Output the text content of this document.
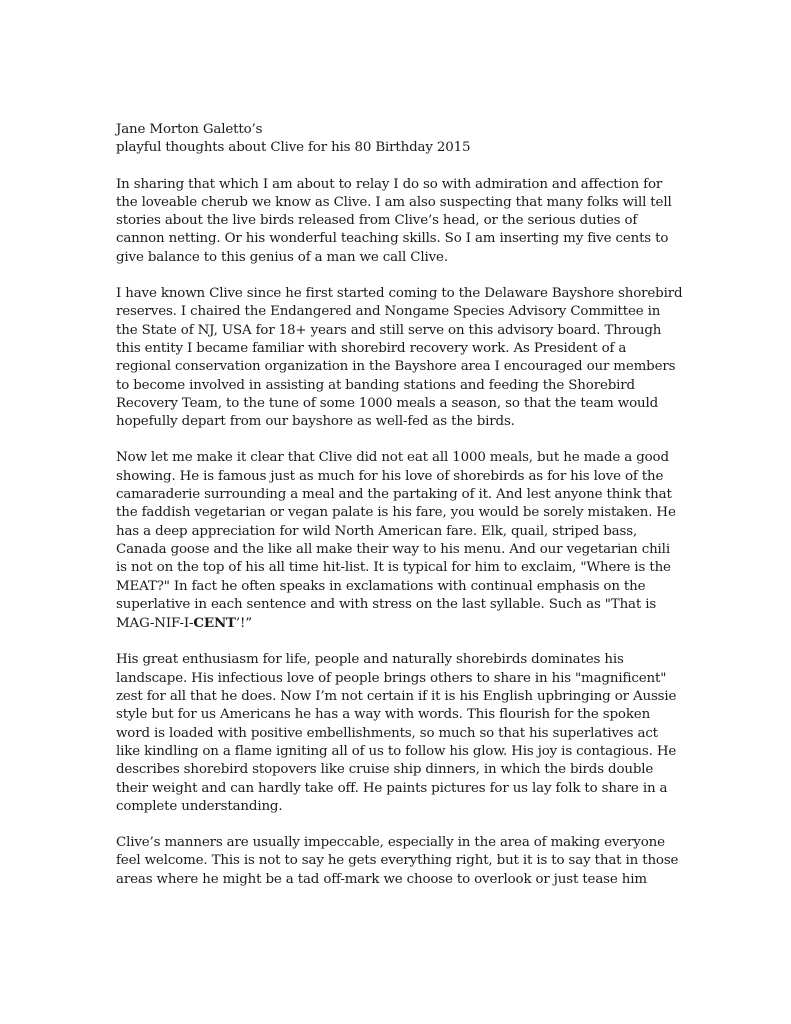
Jane Morton Galetto’s
playful thoughts about Clive for his 80 Birthday 2015
In sharing that which I am about to relay I do so with admiration and affection for
the loveable cherub we know as Clive. I am also suspecting that many folks will tell
stories about the live birds released from Clive’s head, or the serious duties of
cannon netting. Or his wonderful teaching skills. So I am inserting my five cents to
give balance to this genius of a man we call Clive.
I have known Clive since he first started coming to the Delaware Bayshore shorebird
reserves. I chaired the Endangered and Nongame Species Advisory Committee in
the State of NJ, USA for 18+ years and still serve on this advisory board. Through
this entity I became familiar with shorebird recovery work. As President of a
regional conservation organization in the Bayshore area I encouraged our members
to become involved in assisting at banding stations and feeding the Shorebird
Recovery Team, to the tune of some 1000 meals a season, so that the team would
hopefully depart from our bayshore as well-fed as the birds.
Now let me make it clear that Clive did not eat all 1000 meals, but he made a good
showing. He is famous just as much for his love of shorebirds as for his love of the
camaraderie surrounding a meal and the partaking of it. And lest anyone think that
the faddish vegetarian or vegan palate is his fare, you would be sorely mistaken. He
has a deep appreciation for wild North American fare. Elk, quail, striped bass,
Canada goose and the like all make their way to his menu. And our vegetarian chili
is not on the top of his all time hit-list. It is typical for him to exclaim, "Where is the
MEAT?" In fact he often speaks in exclamations with continual emphasis on the
superlative in each sentence and with stress on the last syllable. Such as "That is
MAG-NIF-I-CENT’!”
His great enthusiasm for life, people and naturally shorebirds dominates his
landscape. His infectious love of people brings others to share in his "magnificent"
zest for all that he does. Now I’m not certain if it is his English upbringing or Aussie
style but for us Americans he has a way with words. This flourish for the spoken
word is loaded with positive embellishments, so much so that his superlatives act
like kindling on a flame igniting all of us to follow his glow. His joy is contagious. He
describes shorebird stopovers like cruise ship dinners, in which the birds double
their weight and can hardly take off. He paints pictures for us lay folk to share in a
complete understanding.
Clive’s manners are usually impeccable, especially in the area of making everyone
feel welcome. This is not to say he gets everything right, but it is to say that in those
areas where he might be a tad off-mark we choose to overlook or just tease him
